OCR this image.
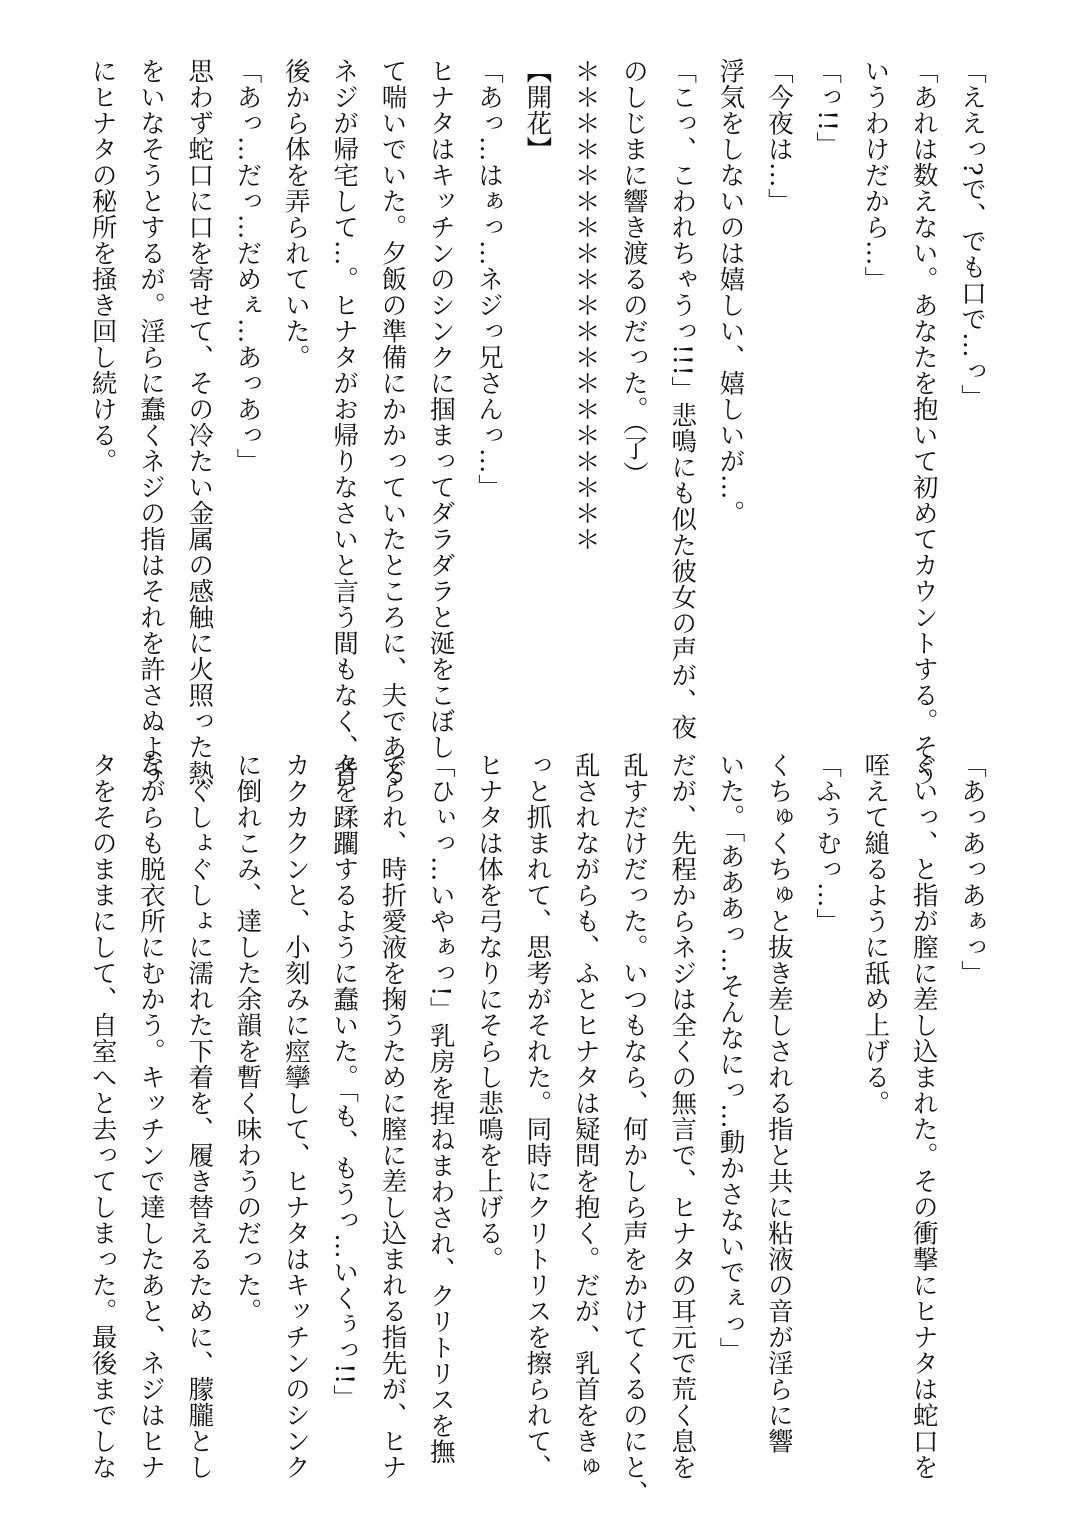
「ええっ?で、でも口で…っ」

「あれは数えない。あなたを抱いて初めてカウントする。そう

いうわけだから…」

「っ!!」

「今夜は…」

浮気をしないのは嬉しい、嬉しいが…。

「こっ、こわれちゃうっ!!!」悲鳴にも似た彼女の声が、夜

のしじまに響き渡るのだった。（了）

＊＊＊＊＊＊＊＊＊＊＊＊＊＊＊＊＊＊＊

【開花】

「あっ…はぁっ…ネジっ兄さんっ…」

ヒナタはキッチンのシンクに掴まってダラダラと涎をこぼし

て喘いでいた。夕飯の準備にかかっていたところに、夫である

ネジが帰宅して…。ヒナタがお帰りなさいと言う間もなく、背

後から体を弄られていた。

「あっ…だっ…だめぇ…あっあっ」

思わず蛇口に口を寄せて、その冷たい金属の感触に火照った熱

をいなそうとするが。淫らに蠢くネジの指はそれを許さぬよう

にヒナタの秘所を掻き回し続ける。

「あっあっあぁっ」

ぐいっ、と指が膣に差し込まれた。その衝撃にヒナタは蛇口を

咥えて縋るように舐め上げる。

「ふぅむっ…」

くちゅくちゅと抜き差しされる指と共に粘液の音が淫らに響

いた。「あああっ…そんなにっ…動かさないでぇっ」

だが、先程からネジは全くの無言で、ヒナタの耳元で荒く息を

乱すだけだった。いつもなら、何かしら声をかけてくるのにと、

乱されながらも、ふとヒナタは疑問を抱く。だが、乳首をきゅ

っと抓まれて、思考がそれた。同時にクリトリスを擦られて、

ヒナタは体を弓なりにそらし悲鳴を上げる。

「ひぃっ…いやぁっ!」乳房を捏ねまわされ、クリトリスを撫

でられ、時折愛液を掬うために膣に差し込まれる指先が、ヒナ

タを蹂躙するように蠢いた。「も、もうっ…いくぅっ!!」

カクカクンと、小刻みに痙攣して、ヒナタはキッチンのシンク

に倒れこみ、達した余韻を暫く味わうのだった。

　ぐしょぐしょに濡れた下着を、履き替えるために、朦朧とし

ながらも脱衣所にむかう。キッチンで達したあと、ネジはヒナ

タをそのままにして、自室へと去ってしまった。最後までしな
